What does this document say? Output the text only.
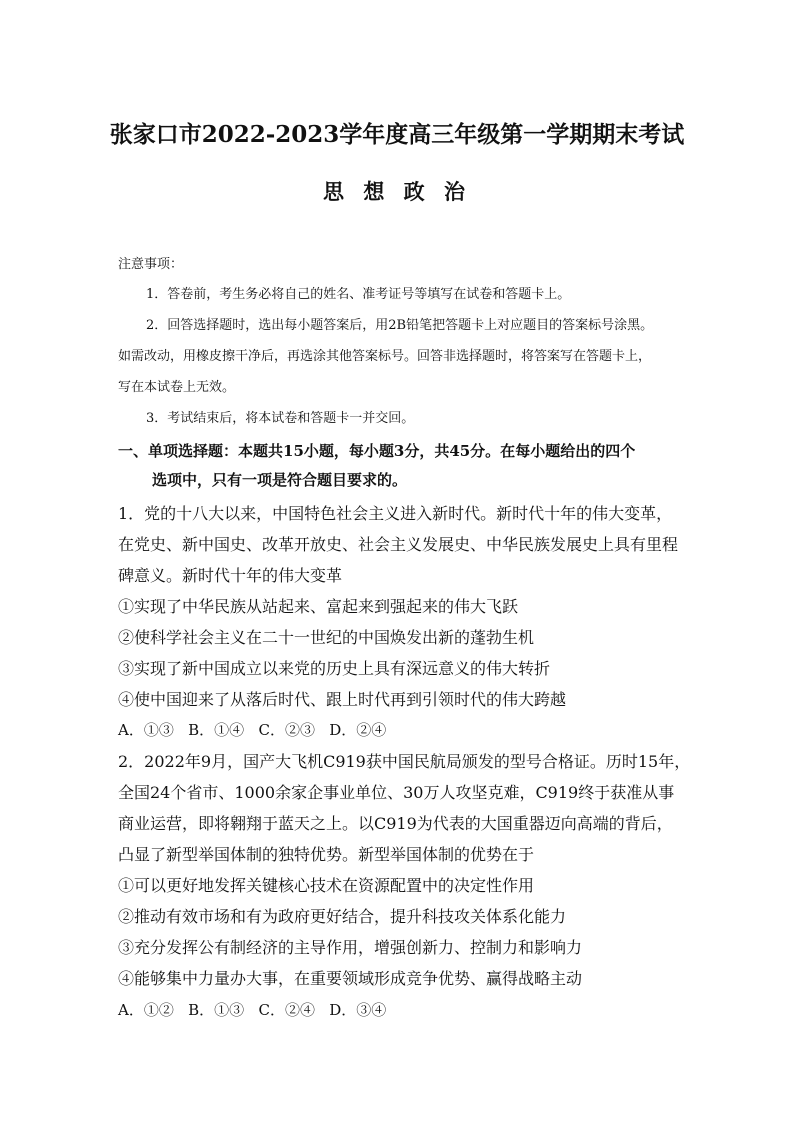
张家口市2022-2023学年度高三年级第一学期期末考试
思 想 政 治
注意事项：
1．答卷前，考生务必将自己的姓名、准考证号等填写在试卷和答题卡上。
2．回答选择题时，选出每小题答案后，用2B铅笔把答题卡上对应题目的答案标号涂黑。
如需改动，用橡皮擦干净后，再选涂其他答案标号。回答非选择题时，将答案写在答题卡上，
写在本试卷上无效。
3．考试结束后，将本试卷和答题卡一并交回。
一、单项选择题：本题共15小题，每小题3分，共45分。在每小题给出的四个
选项中，只有一项是符合题目要求的。
1．党的十八大以来，中国特色社会主义进入新时代。新时代十年的伟大变革，
在党史、新中国史、改革开放史、社会主义发展史、中华民族发展史上具有里程
碑意义。新时代十年的伟大变革
①实现了中华民族从站起来、富起来到强起来的伟大飞跃
②使科学社会主义在二十一世纪的中国焕发出新的蓬勃生机
③实现了新中国成立以来党的历史上具有深远意义的伟大转折
④使中国迎来了从落后时代、跟上时代再到引领时代的伟大跨越
A．①③   B．①④   C．②③   D．②④
2．2022年9月，国产大飞机C919获中国民航局颁发的型号合格证。历时15年，
全国24个省市、1000余家企事业单位、30万人攻坚克难，C919终于获准从事
商业运营，即将翱翔于蓝天之上。以C919为代表的大国重器迈向高端的背后，
凸显了新型举国体制的独特优势。新型举国体制的优势在于
①可以更好地发挥关键核心技术在资源配置中的决定性作用
②推动有效市场和有为政府更好结合，提升科技攻关体系化能力
③充分发挥公有制经济的主导作用，增强创新力、控制力和影响力
④能够集中力量办大事，在重要领域形成竞争优势、赢得战略主动
A．①②   B．①③   C．②④   D．③④
